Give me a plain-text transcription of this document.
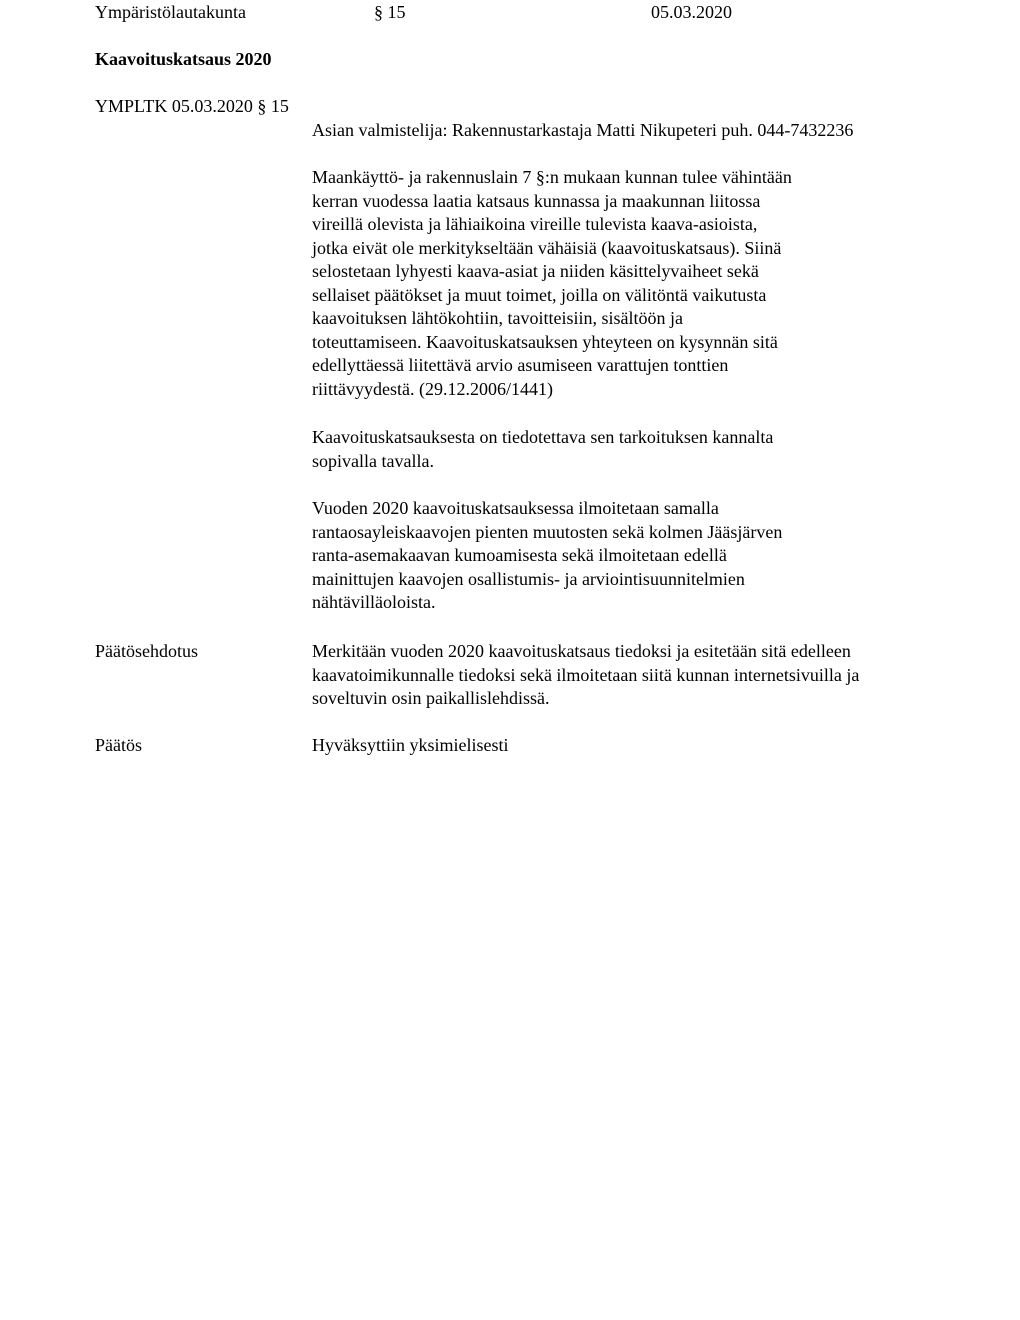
Ympäristölautakunta	§ 15	05.03.2020
Kaavoituskatsaus 2020
YMPLTK 05.03.2020 § 15
Asian valmistelija: Rakennustarkastaja Matti Nikupeteri puh. 044-7432236

Maankäyttö- ja rakennuslain 7 §:n mukaan kunnan tulee vähintään
kerran vuodessa laatia katsaus kunnassa ja maakunnan liitossa
vireillä olevista ja lähiaikoina vireille tulevista kaava-asioista,
jotka eivät ole merkitykseltään vähäisiä (kaavoituskatsaus). Siinä
selostetaan lyhyesti kaava-asiat ja niiden käsittelyvaiheet sekä
sellaiset päätökset ja muut toimet, joilla on välitöntä vaikutusta
kaavoituksen lähtökohtiin, tavoitteisiin, sisältöön ja
toteuttamiseen. Kaavoituskatsauksen yhteyteen on kysynnän sitä
edellyttäessä liitettävä arvio asumiseen varattujen tonttien
riittävyydestä. (29.12.2006/1441)

Kaavoituskatsauksesta on tiedotettava sen tarkoituksen kannalta
sopivalla tavalla.

Vuoden 2020 kaavoituskatsauksessa ilmoitetaan samalla
rantaosayleiskaavojen pienten muutosten sekä kolmen Jääsjärven
ranta-asemakaavan kumoamisesta sekä ilmoitetaan edellä
mainittujen kaavojen osallistumis- ja arviointisuunnitelmien
nähtävilläoloista.

Päätösehdotus	Merkitään vuoden 2020 kaavoituskatsaus tiedoksi ja esitetään sitä edelleen
kaavatoimikunnalle tiedoksi sekä ilmoitetaan siitä kunnan internetsivuilla ja
soveltuvin osin paikallislehdissä.

Päätös	Hyväksyttiin yksimielisesti
